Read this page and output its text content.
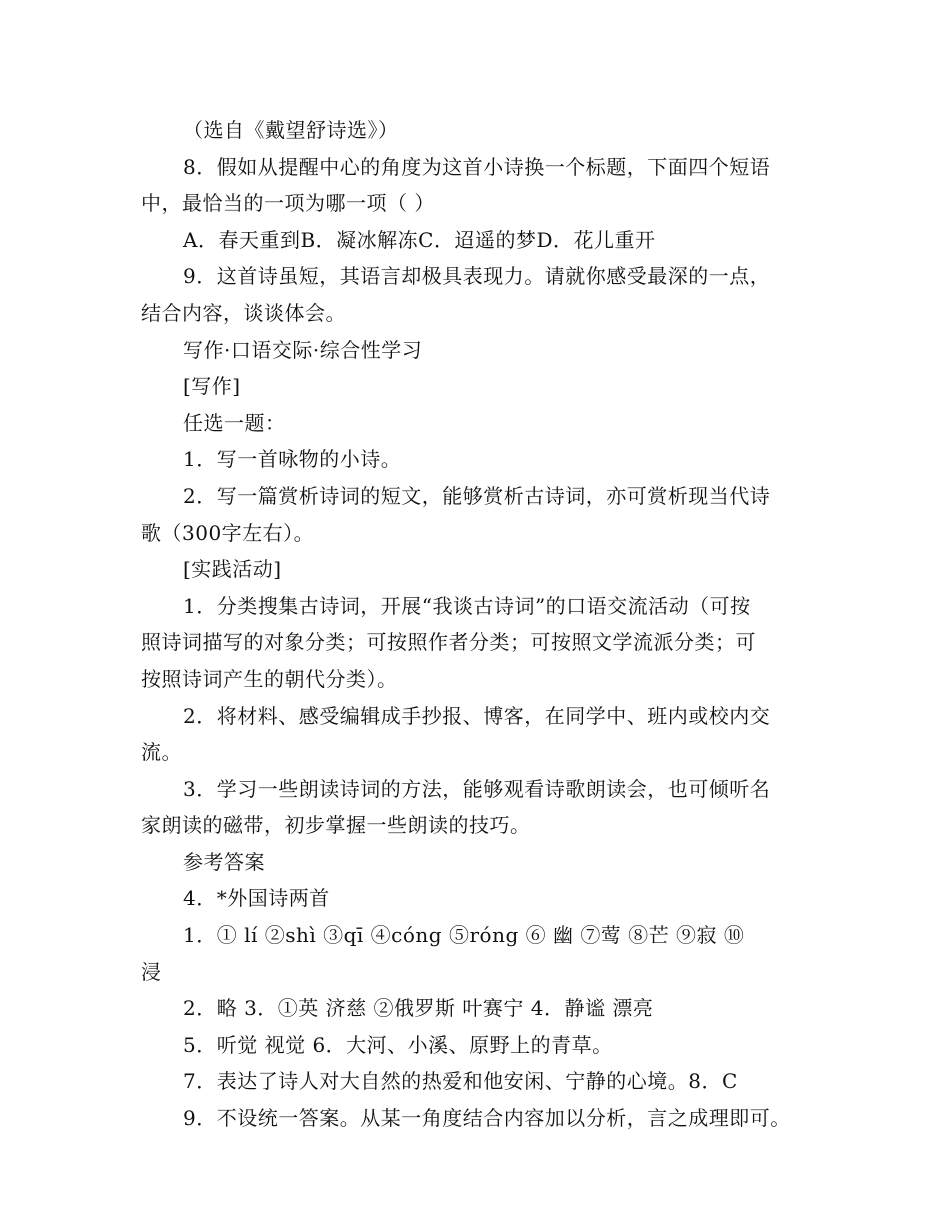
（选自《戴望舒诗选》）

8．假如从提醒中心的角度为这首小诗换一个标题，下面四个短语

中，最恰当的一项为哪一项（ ）

A．春天重到B．凝冰解冻C．迢遥的梦D．花儿重开

9．这首诗虽短，其语言却极具表现力。请就你感受最深的一点，

结合内容，谈谈体会。

写作·口语交际·综合性学习

[写作]

任选一题：

1．写一首咏物的小诗。

2．写一篇赏析诗词的短文，能够赏析古诗词，亦可赏析现当代诗

歌（300字左右）。

[实践活动]

1．分类搜集古诗词，开展“我谈古诗词”的口语交流活动（可按

照诗词描写的对象分类；可按照作者分类；可按照文学流派分类；可

按照诗词产生的朝代分类）。

2．将材料、感受编辑成手抄报、博客，在同学中、班内或校内交

流。

3．学习一些朗读诗词的方法，能够观看诗歌朗读会，也可倾听名

家朗读的磁带，初步掌握一些朗读的技巧。

参考答案

4．*外国诗两首

1．① lí ②shì ③qī ④cóng ⑤róng ⑥ 幽 ⑦莺 ⑧芒 ⑨寂 ⑩

浸

2．略 3．①英 济慈 ②俄罗斯 叶赛宁 4．静谧 漂亮

5．听觉 视觉 6．大河、小溪、原野上的青草。

7．表达了诗人对大自然的热爱和他安闲、宁静的心境。8．C

9．不设统一答案。从某一角度结合内容加以分析，言之成理即可。
